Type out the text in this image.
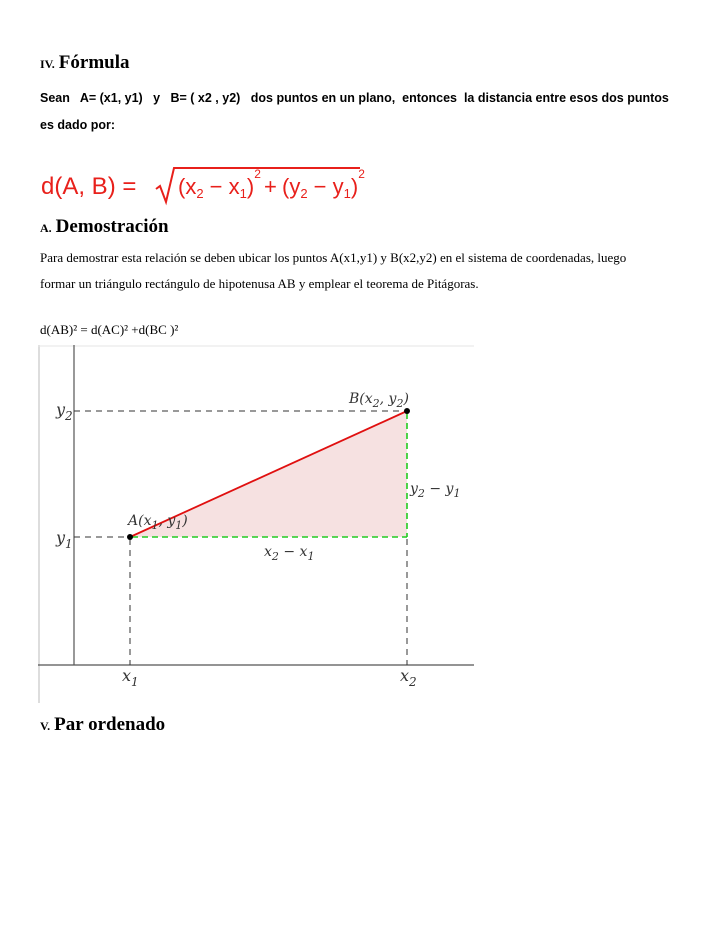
IV. Fórmula
Sean   A= (x1, y1)   y   B= ( x2 , y2)   dos puntos en un plano,  entonces  la distancia entre esos dos puntos
es dado por:
d(A, $B) = (x2 - x1)^2 + (y2 - y1)^2$
A. Demostración
Para demostrar esta relación se deben ubicar los puntos A(x1,y1) y B(x2,y2) en el sistema de coordenadas, luego
formar un triángulo rectángulo de hipotenusa AB y emplear el teorema de Pitágoras.
d(AB)² = d(AC)² +d(BC )²
$B(x_2$, $y_2$)
$A(x_1$, $y_1$)
$y_2$
$y_1$
$x_1$	$x_2$
$y_2 - y_1$
$x_2 - x_1$
V. Par ordenado
